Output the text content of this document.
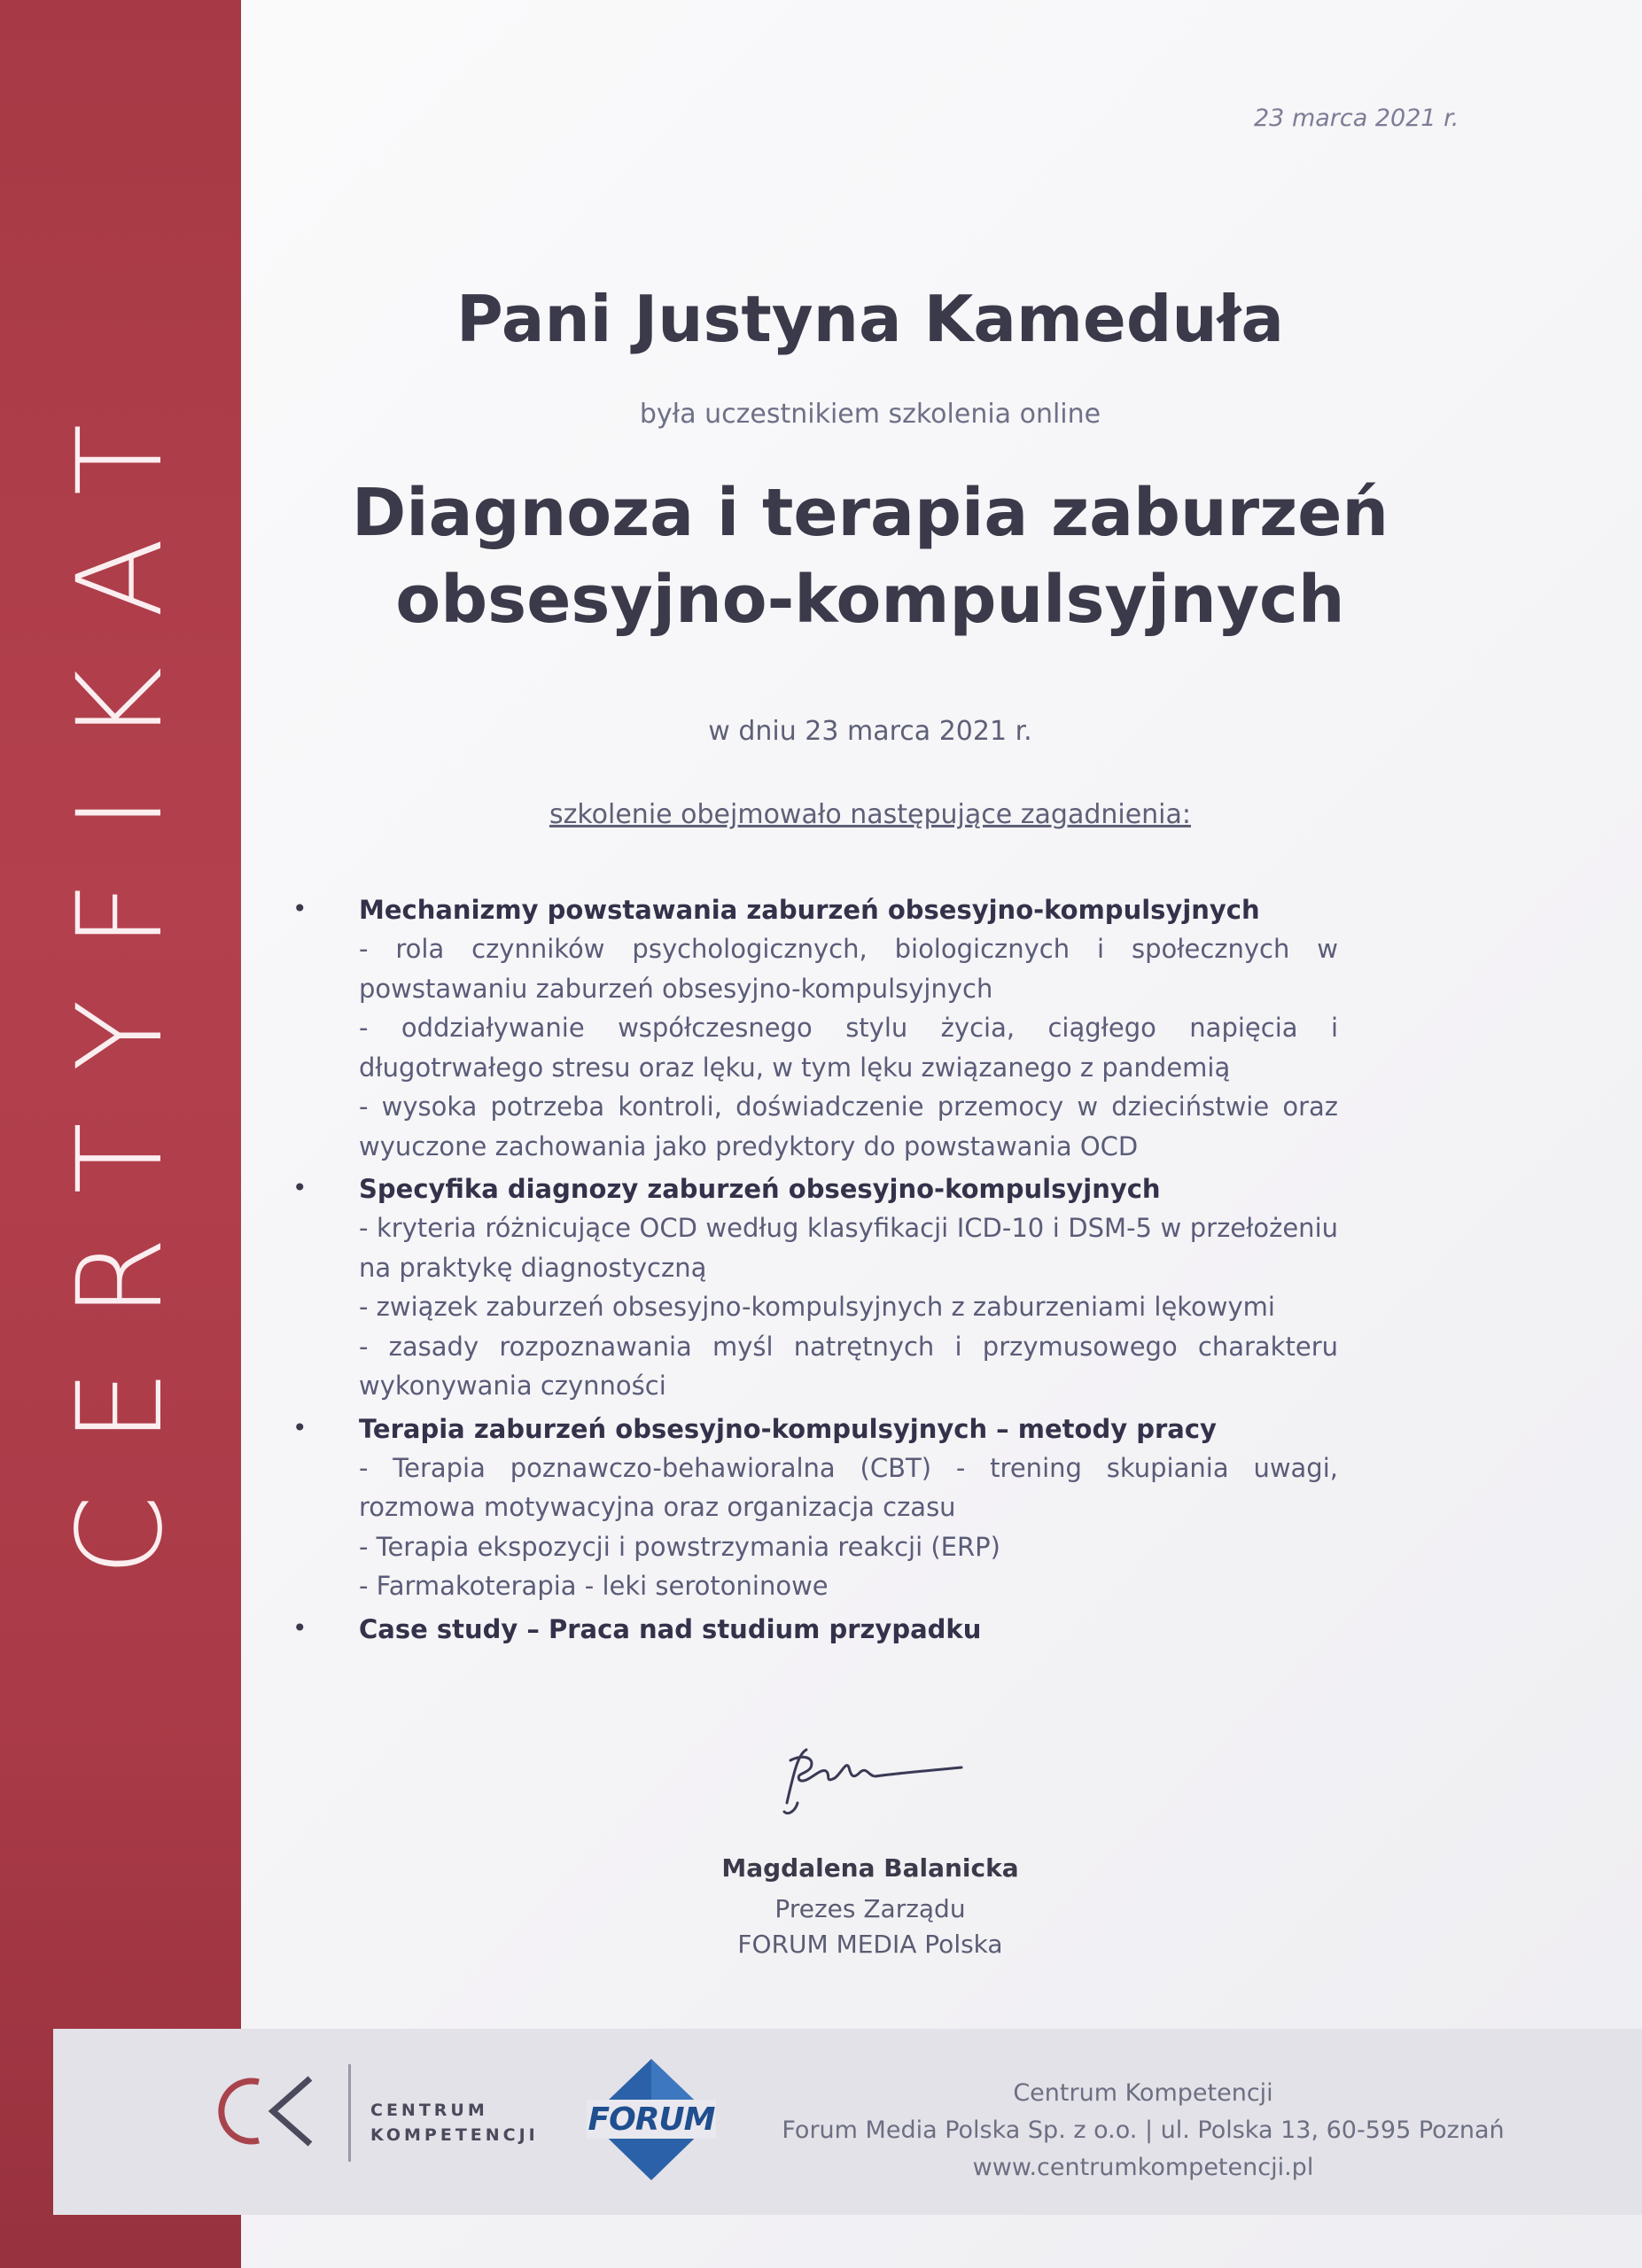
CERTYFIKAT
23 marca 2021 r.
Pani Justyna Kameduła
była uczestnikiem szkolenia online
Diagnoza i terapia zaburzeń
obsesyjno-kompulsyjnych
w dniu 23 marca 2021 r.
szkolenie obejmowało następujące zagadnienia:
• Mechanizmy powstawania zaburzeń obsesyjno-kompulsyjnych
- rola czynników psychologicznych, biologicznych i społecznych w powstawaniu zaburzeń obsesyjno-kompulsyjnych
- oddziaływanie współczesnego stylu życia, ciągłego napięcia i długotrwałego stresu oraz lęku, w tym lęku związanego z pandemią
- wysoka potrzeba kontroli, doświadczenie przemocy w dzieciństwie oraz wyuczone zachowania jako predyktory do powstawania OCD
• Specyfika diagnozy zaburzeń obsesyjno-kompulsyjnych
- kryteria różnicujące OCD według klasyfikacji ICD-10 i DSM-5 w przełożeniu na praktykę diagnostyczną
- związek zaburzeń obsesyjno-kompulsyjnych z zaburzeniami lękowymi
- zasady rozpoznawania myśl natrętnych i przymusowego charakteru wykonywania czynności
• Terapia zaburzeń obsesyjno-kompulsyjnych – metody pracy
- Terapia poznawczo-behawioralna (CBT) - trening skupiania uwagi, rozmowa motywacyjna oraz organizacja czasu
- Terapia ekspozycji i powstrzymania reakcji (ERP)
- Farmakoterapia - leki serotoninowe
• Case study – Praca nad studium przypadku
Magdalena Balanicka
Prezes Zarządu
FORUM MEDIA Polska
CENTRUM
KOMPETENCJI FORUM
Centrum Kompetencji
Forum Media Polska Sp. z o.o. | ul. Polska 13, 60-595 Poznań
www.centrumkompetencji.pl
